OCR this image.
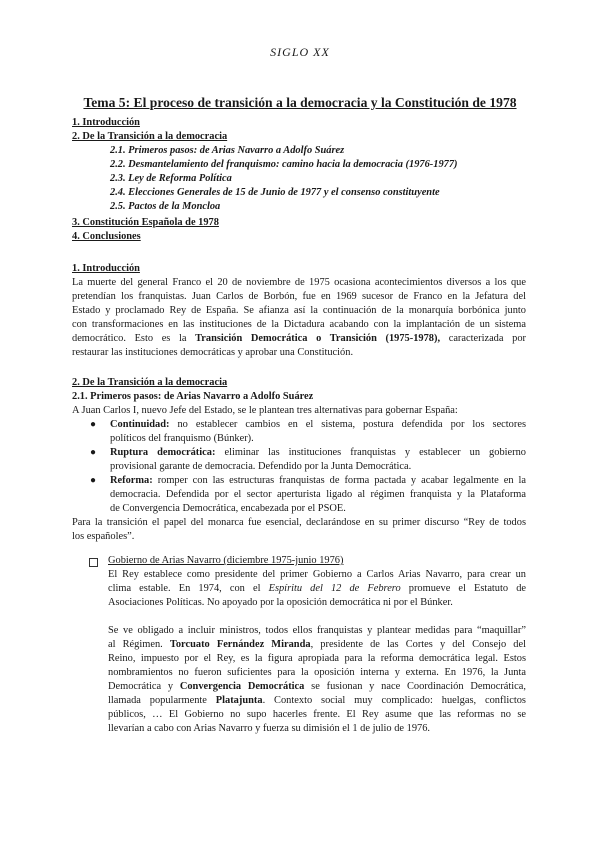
SIGLO XX
Tema 5: El proceso de transición a la democracia y la Constitución de 1978
1. Introducción
2. De la Transición a la democracia
2.1. Primeros pasos: de Arias Navarro a Adolfo Suárez
2.2. Desmantelamiento del franquismo: camino hacia la democracia (1976-1977)
2.3. Ley de Reforma Política
2.4. Elecciones Generales de 15 de Junio de 1977 y el consenso constituyente
2.5. Pactos de la Moncloa
3. Constitución Española de 1978
4. Conclusiones
1. Introducción
La muerte del general Franco el 20 de noviembre de 1975 ocasiona acontecimientos diversos a los que
pretendían los franquistas. Juan Carlos de Borbón, fue en 1969 sucesor de Franco en la Jefatura del
Estado y proclamado Rey de España. Se afianza así la continuación de la monarquía borbónica junto
con transformaciones en las instituciones de la Dictadura acabando con la implantación de un sistema
democrático. Esto es la Transición Democrática o Transición (1975-1978), caracterizada por
restaurar las instituciones democráticas y aprobar una Constitución.
2. De la Transición a la democracia
2.1. Primeros pasos: de Arias Navarro a Adolfo Suárez
A Juan Carlos I, nuevo Jefe del Estado, se le plantean tres alternativas para gobernar España:
● Continuidad: no establecer cambios en el sistema, postura defendida por los sectores
políticos del franquismo (Búnker).
● Ruptura democrática: eliminar las instituciones franquistas y establecer un gobierno
provisional garante de democracia. Defendido por la Junta Democrática.
● Reforma: romper con las estructuras franquistas de forma pactada y acabar legalmente en la
democracia. Defendida por el sector aperturista ligado al régimen franquista y la Plataforma
de Convergencia Democrática, encabezada por el PSOE.
Para la transición el papel del monarca fue esencial, declarándose en su primer discurso “Rey de todos
los españoles”.
Gobierno de Arias Navarro (diciembre 1975-junio 1976)
El Rey establece como presidente del primer Gobierno a Carlos Arias Navarro, para crear un
clima estable. En 1974, con el Espíritu del 12 de Febrero promueve el Estatuto de
Asociaciones Políticas. No apoyado por la oposición democrática ni por el Búnker.
Se ve obligado a incluir ministros, todos ellos franquistas y plantear medidas para “maquillar”
al Régimen. Torcuato Fernández Miranda, presidente de las Cortes y del Consejo del
Reino, impuesto por el Rey, es la figura apropiada para la reforma democrática legal. Estos
nombramientos no fueron suficientes para la oposición interna y externa. En 1976, la Junta
Democrática y Convergencia Democrática se fusionan y nace Coordinación Democrática,
llamada popularmente Platajunta. Contexto social muy complicado: huelgas, conflictos
públicos, … El Gobierno no supo hacerles frente. El Rey asume que las reformas no se
llevarían a cabo con Arias Navarro y fuerza su dimisión el 1 de julio de 1976.
